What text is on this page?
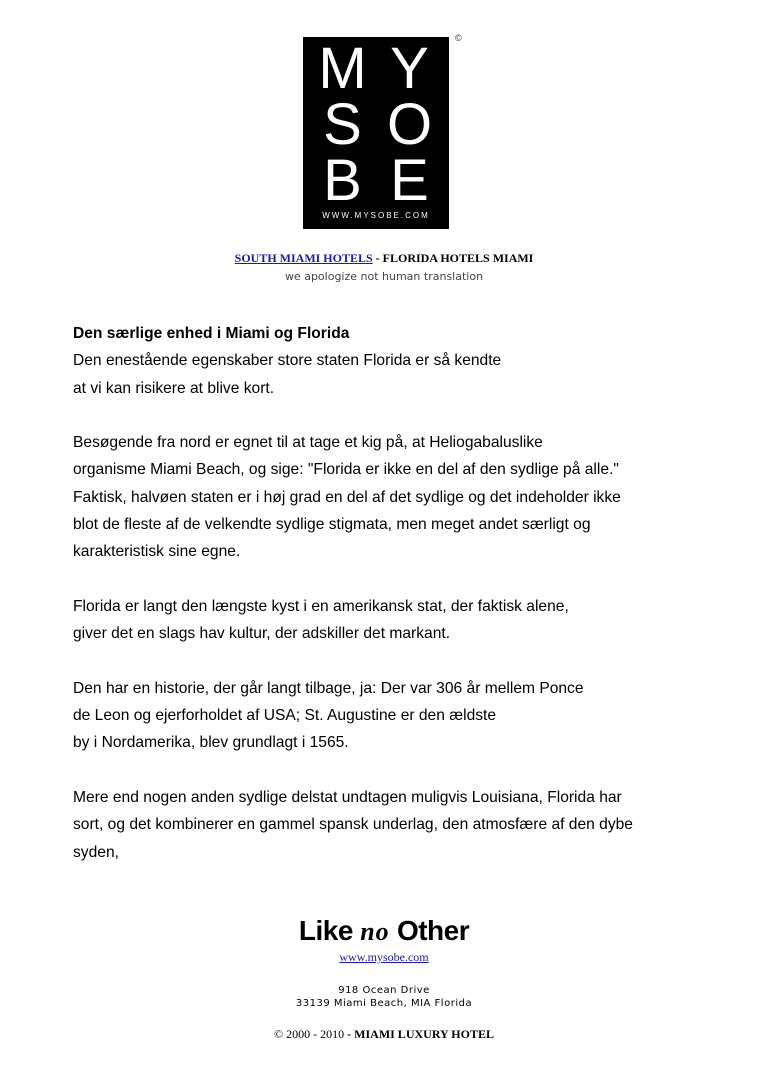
M Y
S O
B E
WWW.MYSOBE.COM
©
SOUTH MIAMI HOTELS - FLORIDA HOTELS MIAMI
we apologize not human translation

Den særlige enhed i Miami og Florida

Den enestående egenskaber store staten Florida er så kendte

at vi kan risikere at blive kort.

Besøgende fra nord er egnet til at tage et kig på, at Heliogabaluslike

organisme Miami Beach, og sige: "Florida er ikke en del af den sydlige på alle."

Faktisk, halvøen staten er i høj grad en del af det sydlige og det indeholder ikke

blot de fleste af de velkendte sydlige stigmata, men meget andet særligt og

karakteristisk sine egne.

Florida er langt den længste kyst i en amerikansk stat, der faktisk alene,

giver det en slags hav kultur, der adskiller det markant.

Den har en historie, der går langt tilbage, ja: Der var 306 år mellem Ponce

de Leon og ejerforholdet af USA; St. Augustine er den ældste

by i Nordamerika, blev grundlagt i 1565.

Mere end nogen anden sydlige delstat undtagen muligvis Louisiana, Florida har

sort, og det kombinerer en gammel spansk underlag, den atmosfære af den dybe

syden,

Like no Other
www.mysobe.com
918 Ocean Drive
33139 Miami Beach, MIA Florida
© 2000 - 2010 - MIAMI LUXURY HOTEL
